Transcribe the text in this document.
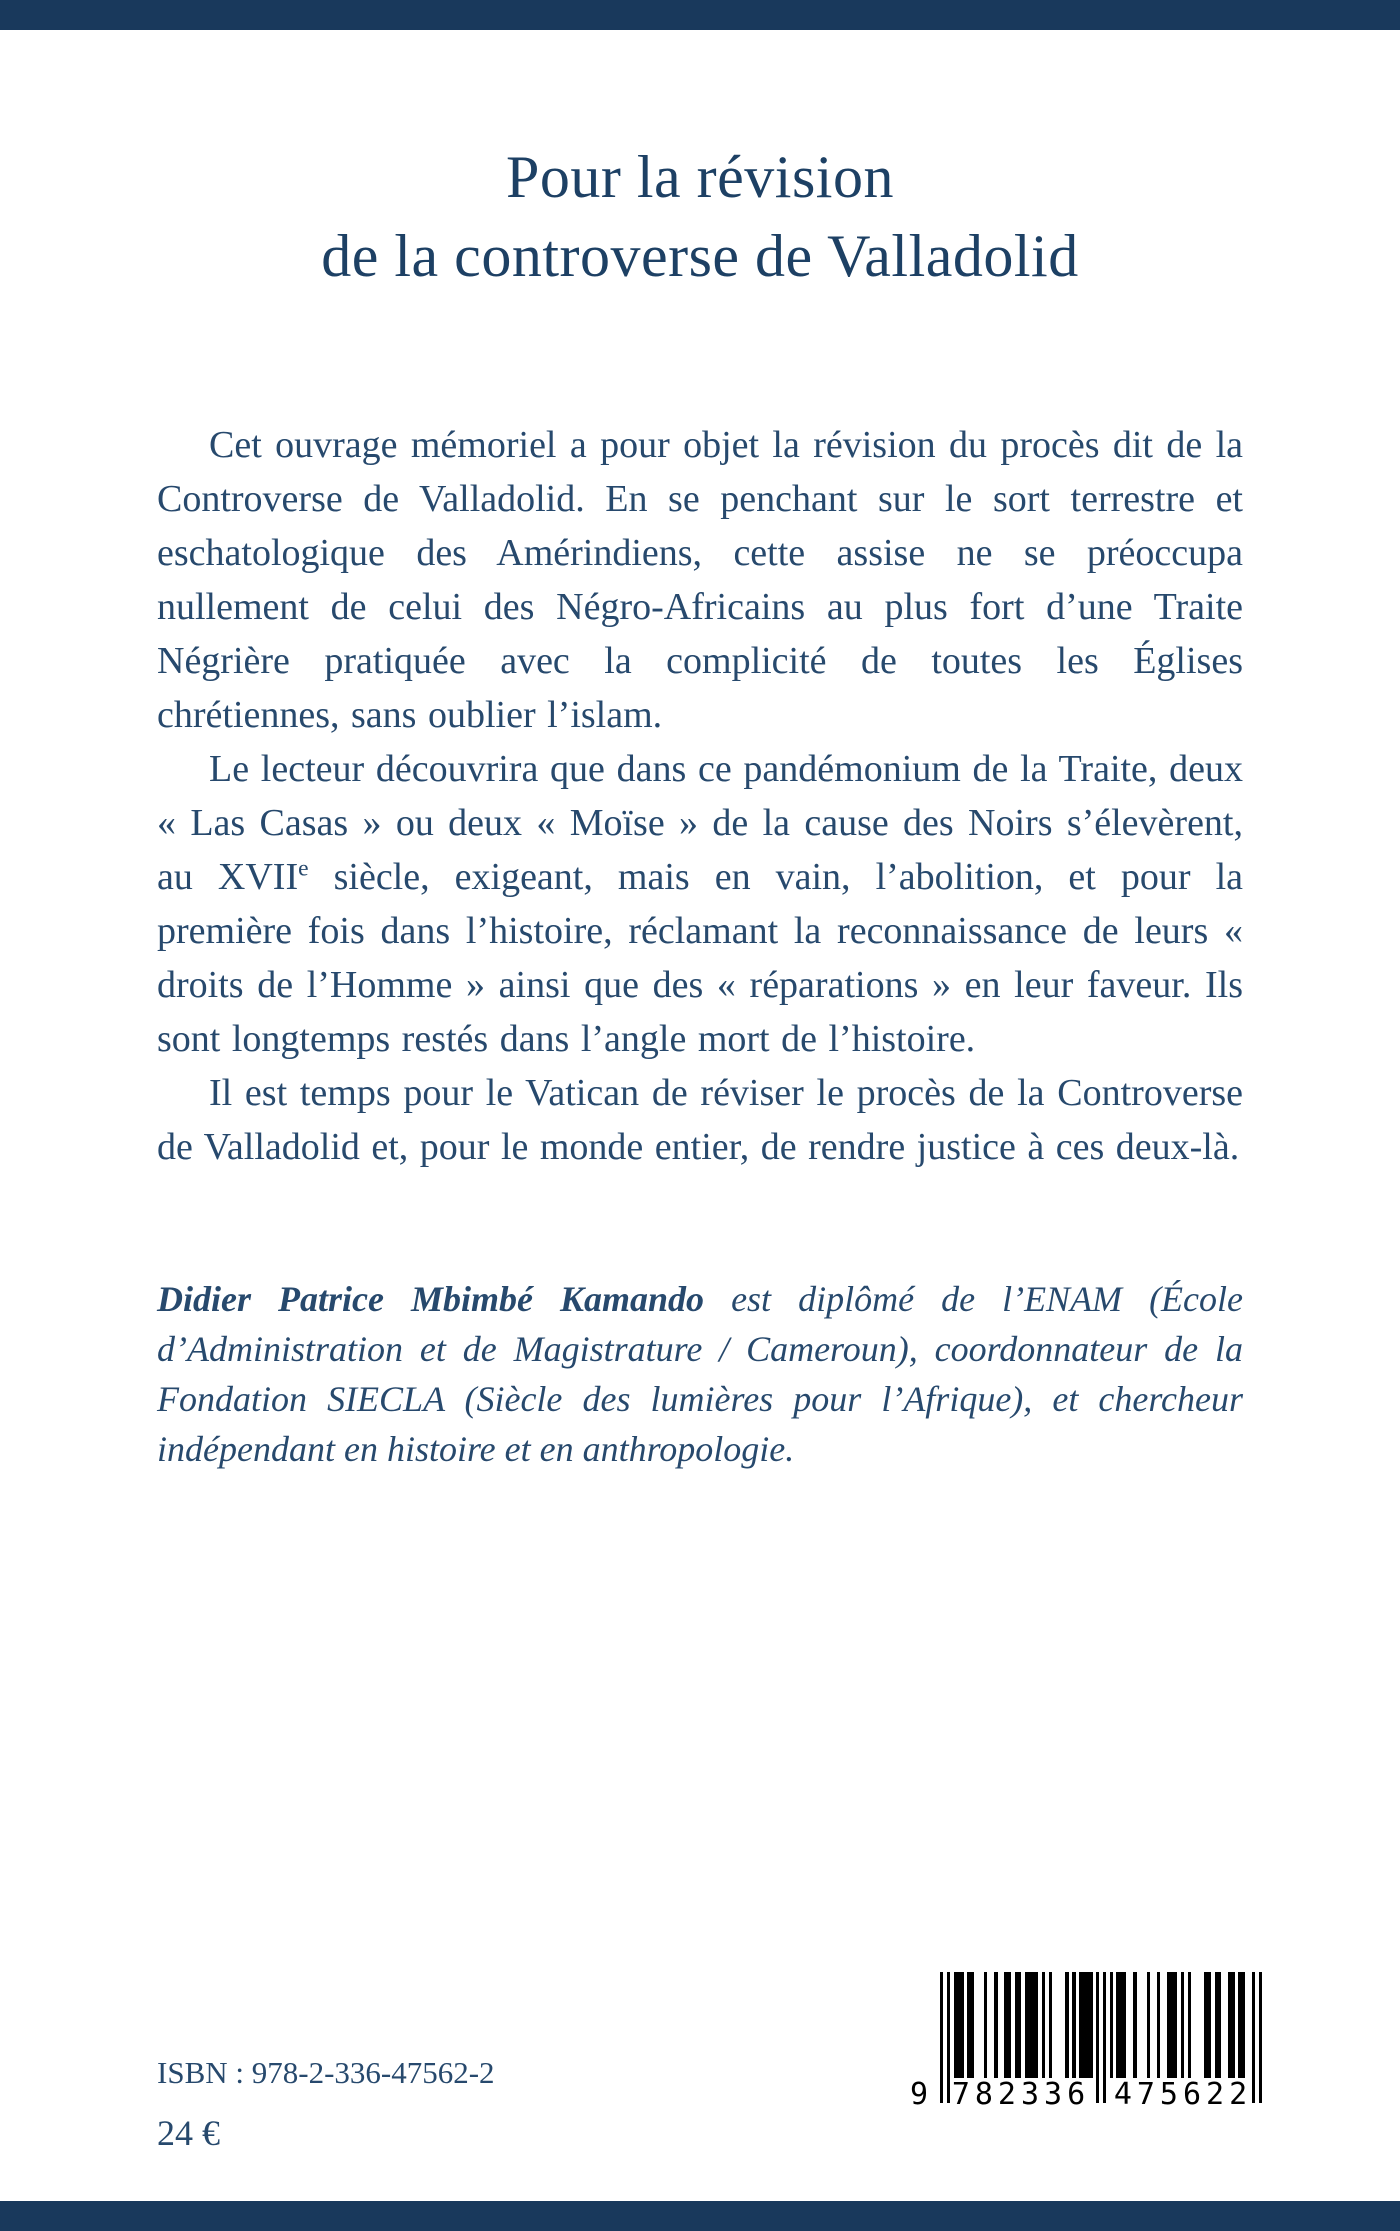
Pour la révision
de la controverse de Valladolid

Cet ouvrage mémoriel a pour objet la révision du procès dit de la Controverse de Valladolid. En se penchant sur le sort terrestre et eschatologique des Amérindiens, cette assise ne se préoccupa nullement de celui des Négro-Africains au plus fort d’une Traite Négrière pratiquée avec la complicité de toutes les Églises chrétiennes, sans oublier l’islam.

Le lecteur découvrira que dans ce pandémonium de la Traite, deux « Las Casas » ou deux « Moïse » de la cause des Noirs s’élevèrent, au XVIIe siècle, exigeant, mais en vain, l’abolition, et pour la première fois dans l’histoire, réclamant la reconnaissance de leurs « droits de l’Homme » ainsi que des « réparations » en leur faveur. Ils sont longtemps restés dans l’angle mort de l’histoire.

Il est temps pour le Vatican de réviser le procès de la Controverse de Valladolid et, pour le monde entier, de rendre justice à ces deux-là.

Didier Patrice Mbimbé Kamando est diplômé de l’ENAM (École d’Administration et de Magistrature / Cameroun), coordonnateur de la Fondation SIECLA (Siècle des lumières pour l’Afrique), et chercheur indépendant en histoire et en anthropologie.
ISBN : 978-2-336-47562-2
24 €
9 782336 475622
